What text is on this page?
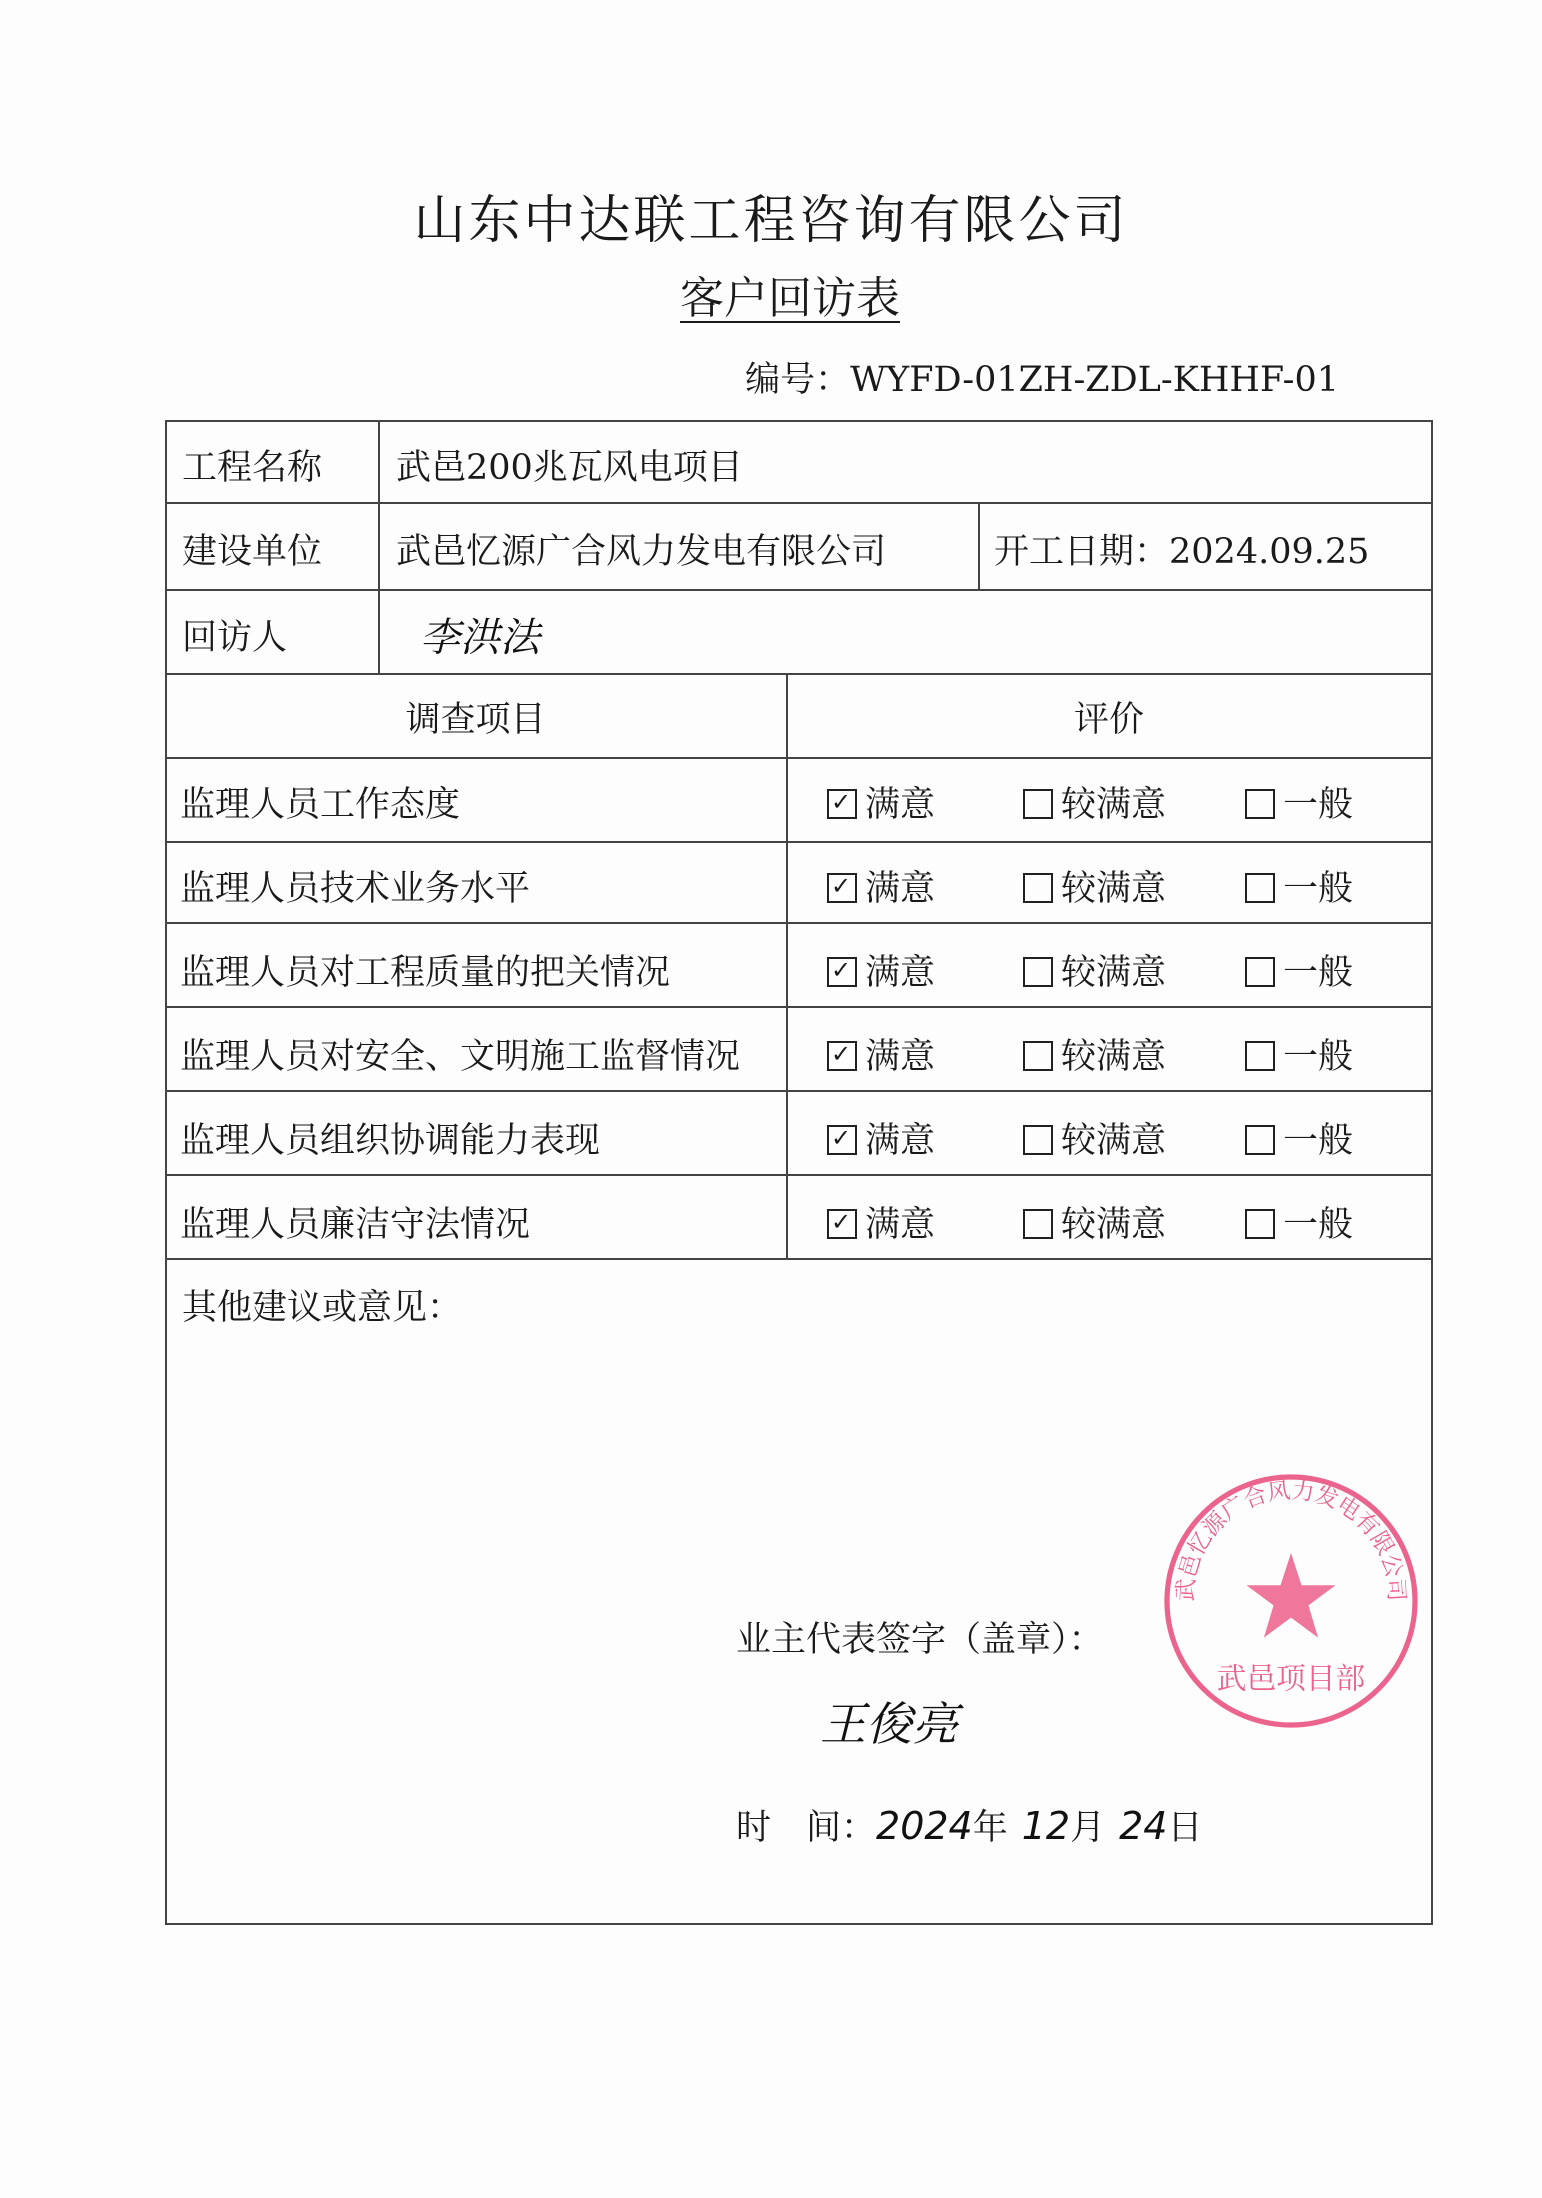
山东中达联工程咨询有限公司
客户回访表
编号：WYFD-01ZH-ZDL-KHHF-01
工程名称 武邑200兆瓦风电项目
建设单位 武邑忆源广合风力发电有限公司	开工日期：2024.09.25
回访人	李洪法
调查项目	评价
监理人员工作态度	✓ 满意	较满意	一般
监理人员技术业务水平	✓ 满意	较满意	一般
监理人员对工程质量的把关情况	✓ 满意	较满意	一般
监理人员对安全、文明施工监督情况	✓ 满意	较满意	一般
监理人员组织协调能力表现	✓ 满意	较满意	一般
监理人员廉洁守法情况	✓ 满意	较满意	一般
其他建议或意见：
业主代表签字（盖章）：
武邑忆源广合风力发电有限公司
武邑项目部
王俊亮
时　间：2024年 12月 24日
